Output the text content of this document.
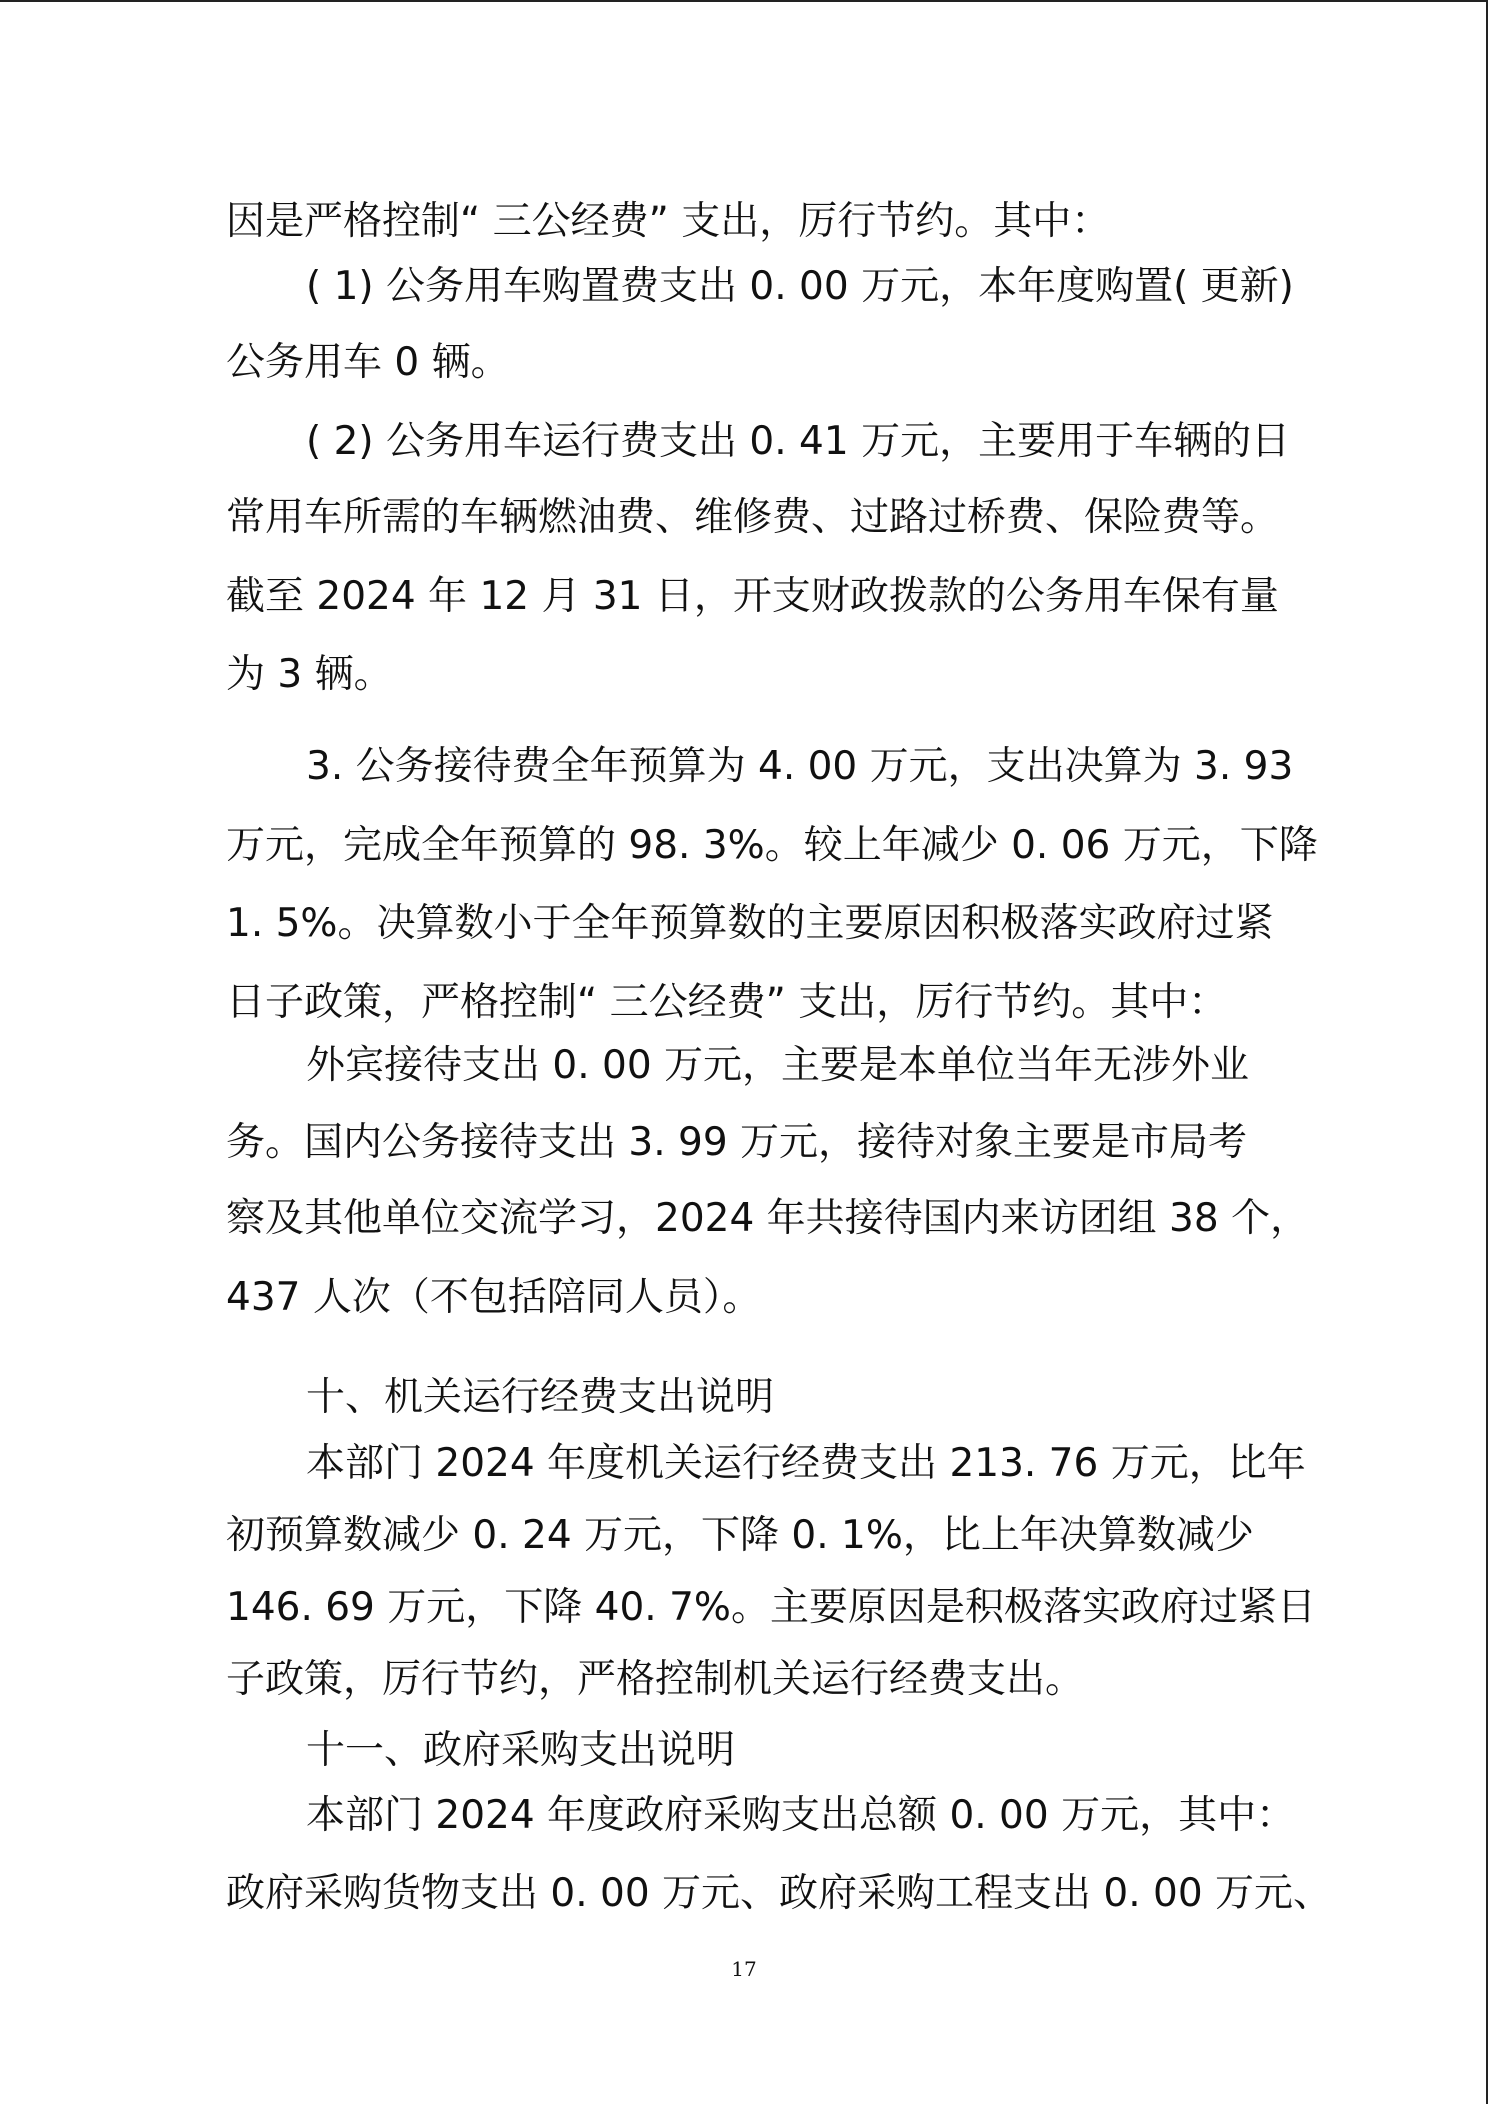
因是严格控制“ 三公经费” 支出，厉行节约。其中：
( 1) 公务用车购置费支出 0. 00 万元，本年度购置( 更新)
公务用车 0 辆。
( 2) 公务用车运行费支出 0. 41 万元，主要用于车辆的日
常用车所需的车辆燃油费、维修费、过路过桥费、保险费等。
截至 2024 年 12 月 31 日，开支财政拨款的公务用车保有量
为 3 辆。
3. 公务接待费全年预算为 4. 00 万元，支出决算为 3. 93
万元，完成全年预算的 98. 3%。较上年减少 0. 06 万元，下降
1. 5%。决算数小于全年预算数的主要原因积极落实政府过紧
日子政策，严格控制“ 三公经费” 支出，厉行节约。其中：
外宾接待支出 0. 00 万元，主要是本单位当年无涉外业
务。国内公务接待支出 3. 99 万元，接待对象主要是市局考
察及其他单位交流学习，2024 年共接待国内来访团组 38 个，
437 人次（不包括陪同人员）。
十、机关运行经费支出说明
本部门 2024 年度机关运行经费支出 213. 76 万元，比年
初预算数减少 0. 24 万元，下降 0. 1%，比上年决算数减少
146. 69 万元，下降 40. 7%。主要原因是积极落实政府过紧日
子政策，厉行节约，严格控制机关运行经费支出。
十一、政府采购支出说明
本部门 2024 年度政府采购支出总额 0. 00 万元，其中：
政府采购货物支出 0. 00 万元、政府采购工程支出 0. 00 万元、
17
